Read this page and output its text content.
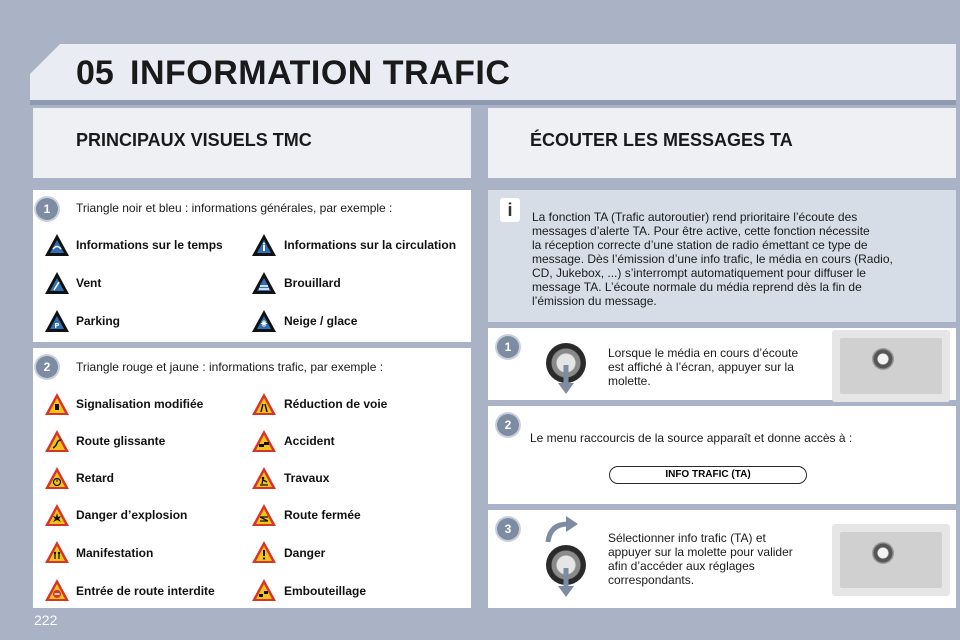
05 INFORMATION TRAFIC
PRINCIPAUX VISUELS TMC	ÉCOUTER LES MESSAGES TA
1	Triangle noir et bleu : informations générales, par exemple :
Informations sur le temps	Informations sur la circulation
Vent	Brouillard
P Parking	Neige / glace
2	Triangle rouge et jaune : informations trafic, par exemple :
Signalisation modifiée	Réduction de voie
Route glissante	Accident
Retard	Travaux
Danger d’explosion	Route fermée
Manifestation	Danger
Entrée de route interdite	Embouteillage
i	La fonction TA (Trafic autoroutier) rend prioritaire l’écoute des
messages d’alerte TA. Pour être active, cette fonction nécessite
la réception correcte d’une station de radio émettant ce type de
message. Dès l’émission d’une info trafic, le média en cours (Radio,
CD, Jukebox, ...) s’interrompt automatiquement pour diffuser le
message TA. L’écoute normale du média reprend dès la fin de
l’émission du message.
1	Lorsque le média en cours d’écoute
est affiché à l’écran, appuyer sur la
molette.
2
Le menu raccourcis de la source apparaît et donne accès à :
INFO TRAFIC (TA)
3
Sélectionner info trafic (TA) et
appuyer sur la molette pour valider
afin d’accéder aux réglages
correspondants.
222
